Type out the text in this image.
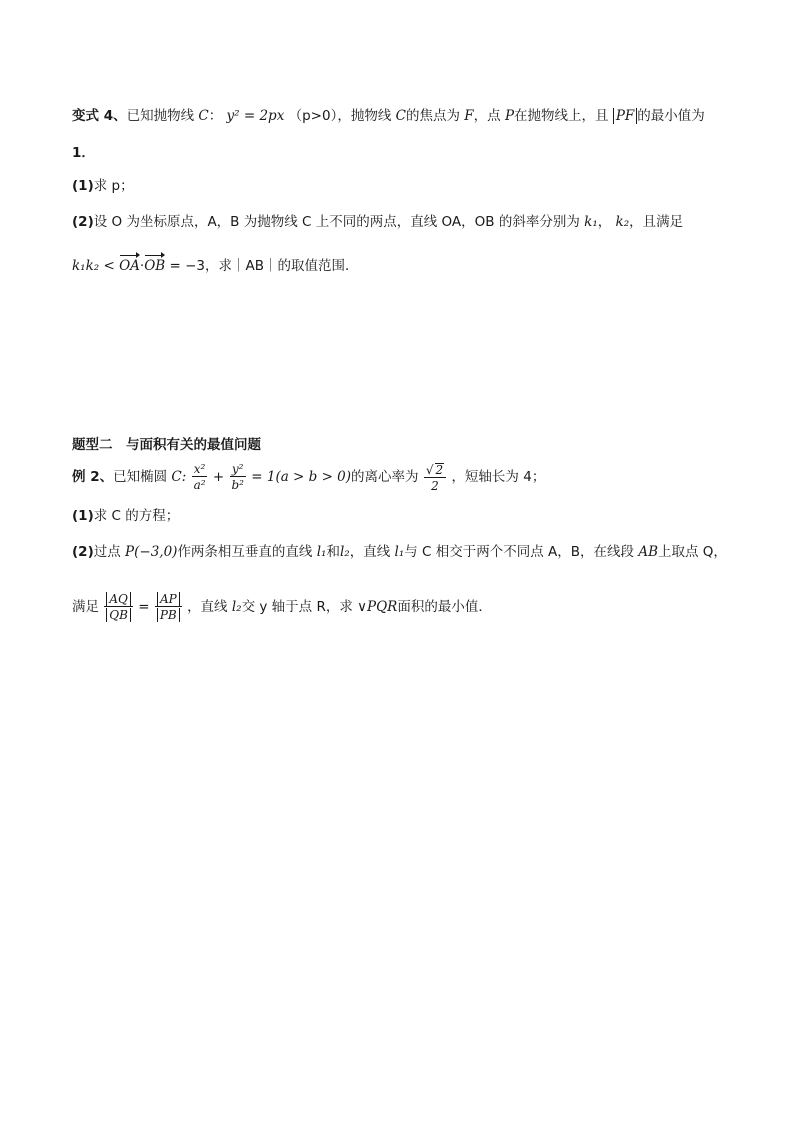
变式 4、已知抛物线 C： y² = 2px （p>0），抛物线 C的焦点为 F，点 P在抛物线上，且 PF 的最小值为
1．
(1)求 p；
(2)设 O 为坐标原点，A，B 为抛物线 C 上不同的两点，直线 OA，OB 的斜率分别为 k₁， k₂，且满足
k₁k₂ < OA·OB = −3，求｜AB｜的取值范围．
题型二　与面积有关的最值问题
例 2、已知椭圆 C: $\frac{\text{x²}}{\text{a²}} + \frac{\text{y²}}{\text{b²}} = 1(a > b > 0)$的离心率为 $\frac{√ 2}{2}$ ，短轴长为 4；
(1)求 C 的方程；
(2)过点 P(−3,0)作两条相互垂直的直线 l₁和l₂，直线 l₁与 C 相交于两个不同点 A，B，在线段 AB上取点 Q，
满足 $\frac{AQ}{QB} = \frac{AP}{PB}$ ，直线 l₂交 y 轴于点 R，求 ∨PQR面积的最小值．
